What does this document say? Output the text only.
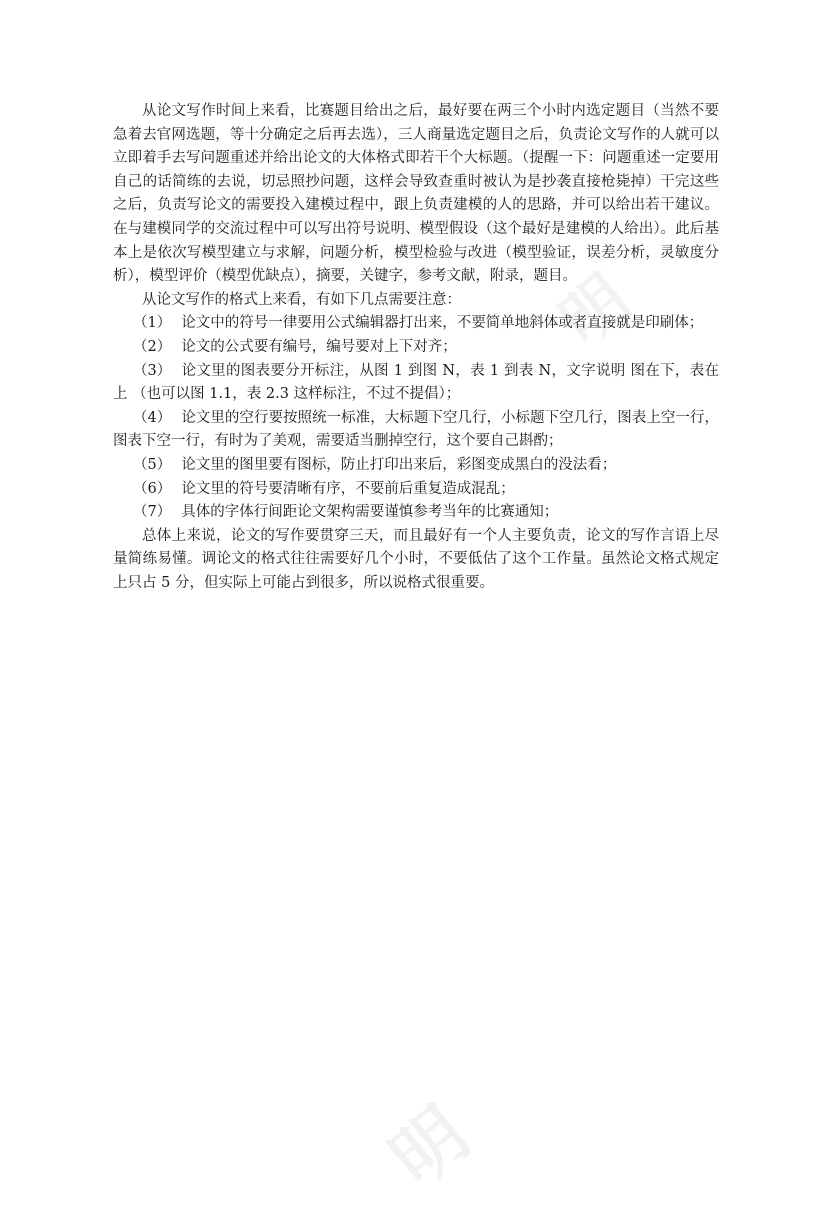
明
明

从论文写作时间上来看，比赛题目给出之后，最好要在两三个小时内选定题目（当然不要急着去官网选题，等十分确定之后再去选），三人商量选定题目之后，负责论文写作的人就可以立即着手去写问题重述并给出论文的大体格式即若干个大标题。（提醒一下：问题重述一定要用自己的话简练的去说，切忌照抄问题，这样会导致查重时被认为是抄袭直接枪毙掉）干完这些之后，负责写论文的需要投入建模过程中，跟上负责建模的人的思路，并可以给出若干建议。在与建模同学的交流过程中可以写出符号说明、模型假设（这个最好是建模的人给出）。此后基本上是依次写模型建立与求解，问题分析，模型检验与改进（模型验证，误差分析，灵敏度分析），模型评价（模型优缺点），摘要，关键字，参考文献，附录，题目。

从论文写作的格式上来看，有如下几点需要注意：

（1） 论文中的符号一律要用公式编辑器打出来，不要简单地斜体或者直接就是印刷体；

（2） 论文的公式要有编号，编号要对上下对齐；

（3） 论文里的图表要分开标注，从图 1 到图 N，表 1 到表 N，文字说明 图在下，表在上 （也可以图 1.1，表 2.3 这样标注，不过不提倡）；

（4） 论文里的空行要按照统一标准，大标题下空几行，小标题下空几行，图表上空一行，图表下空一行，有时为了美观，需要适当删掉空行，这个要自己斟酌；

（5） 论文里的图里要有图标，防止打印出来后，彩图变成黑白的没法看；

（6） 论文里的符号要清晰有序，不要前后重复造成混乱；

（7） 具体的字体行间距论文架构需要谨慎参考当年的比赛通知；

总体上来说，论文的写作要贯穿三天，而且最好有一个人主要负责，论文的写作言语上尽量简练易懂。调论文的格式往往需要好几个小时，不要低估了这个工作量。虽然论文格式规定上只占 5 分，但实际上可能占到很多，所以说格式很重要。
